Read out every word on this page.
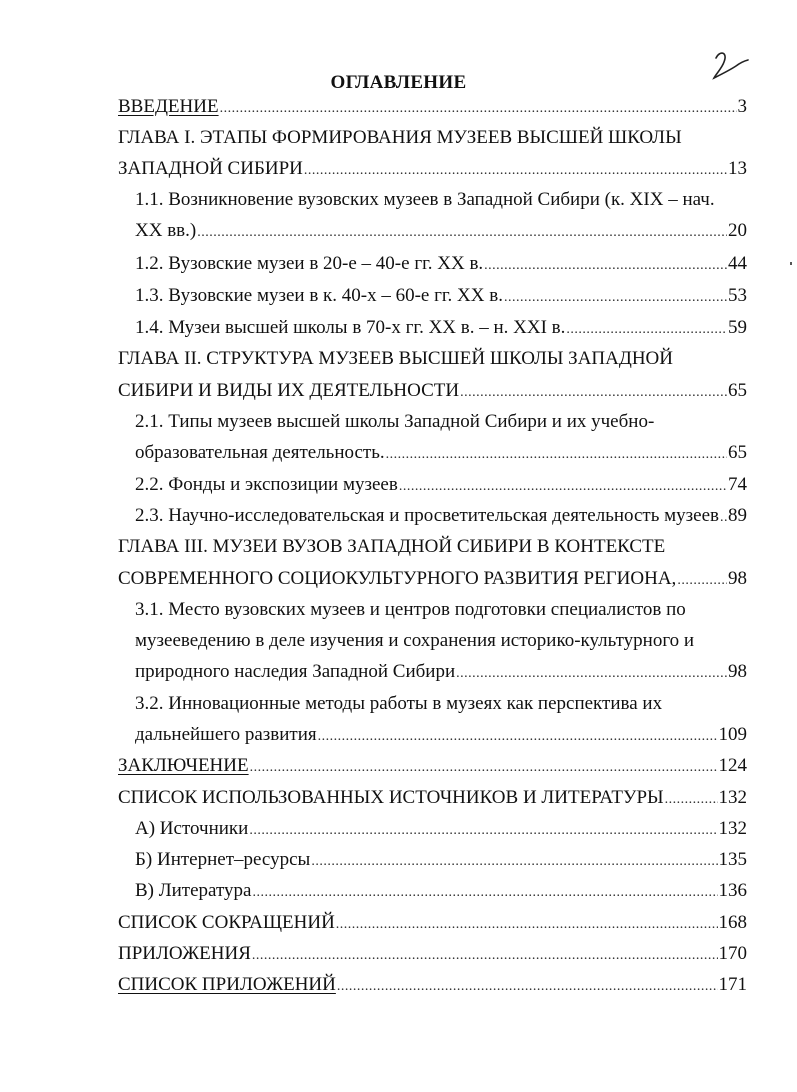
ОГЛАВЛЕНИЕ
ВВЕДЕНИЕ .....	3
ГЛАВА I. ЭТАПЫ ФОРМИРОВАНИЯ МУЗЕЕВ ВЫСШЕЙ ШКОЛЫ
ЗАПАДНОЙ СИБИРИ .....	13
1.1. Возникновение вузовских музеев в Западной Сибири (к. XIX – нач.
XX вв.) .....	20
1.2. Вузовские музеи в 20-е – 40-е гг. XX в. .....	44
1.3. Вузовские музеи в к. 40-х – 60-е гг. XX в. .....	53
1.4. Музеи высшей школы в 70-х гг. XX в. – н. XXI в. .....	59
ГЛАВА II. СТРУКТУРА МУЗЕЕВ ВЫСШЕЙ ШКОЛЫ ЗАПАДНОЙ
СИБИРИ И ВИДЫ ИХ ДЕЯТЕЛЬНОСТИ .....	65
2.1. Типы музеев высшей школы Западной Сибири и их учебно-
образовательная деятельность. .....	65
2.2. Фонды и экспозиции музеев .....	74
2.3. Научно-исследовательская и просветительская деятельность музеев ..... 89
ГЛАВА III. МУЗЕИ ВУЗОВ ЗАПАДНОЙ СИБИРИ В КОНТЕКСТЕ
СОВРЕМЕННОГО СОЦИОКУЛЬТУРНОГО РАЗВИТИЯ РЕГИОНА, .....	98
3.1. Место вузовских музеев и центров подготовки специалистов по
музееведению в деле изучения и сохранения историко-культурного и
природного наследия Западной Сибири .....	98
3.2. Инновационные методы работы в музеях как перспектива их
дальнейшего развития .....	109
ЗАКЛЮЧЕНИЕ .....	124
СПИСОК ИСПОЛЬЗОВАННЫХ ИСТОЧНИКОВ И ЛИТЕРАТУРЫ .....	132
А) Источники .....	132
Б) Интернет–ресурсы .....	135
В) Литература .....	136
СПИСОК СОКРАЩЕНИЙ .....	168
ПРИЛОЖЕНИЯ .....	170
СПИСОК ПРИЛОЖЕНИЙ .....	171
